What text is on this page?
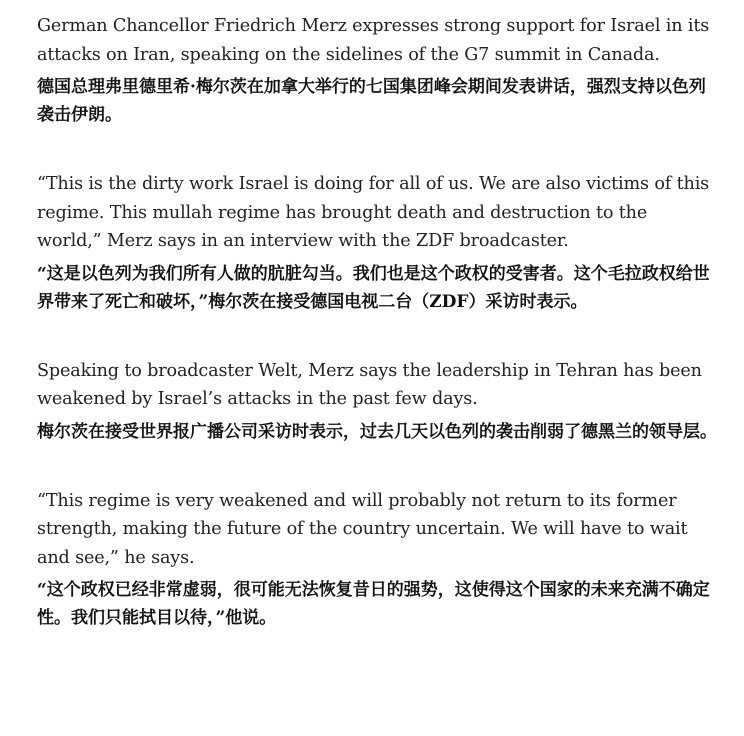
German Chancellor Friedrich Merz expresses strong support for Israel in its attacks on Iran, speaking on the sidelines of the G7 summit in Canada.

德国总理弗里德里希·梅尔茨在加拿大举行的七国集团峰会期间发表讲话，强烈支持以色列袭击伊朗。

“This is the dirty work Israel is doing for all of us. We are also victims of this regime. This mullah regime has brought death and destruction to the world,” Merz says in an interview with the ZDF broadcaster.

“这是以色列为我们所有人做的肮脏勾当。我们也是这个政权的受害者。这个毛拉政权给世界带来了死亡和破坏，”梅尔茨在接受德国电视二台（ZDF）采访时表示。

Speaking to broadcaster Welt, Merz says the leadership in Tehran has been weakened by Israel’s attacks in the past few days.

梅尔茨在接受世界报广播公司采访时表示，过去几天以色列的袭击削弱了德黑兰的领导层。

“This regime is very weakened and will probably not return to its former strength, making the future of the country uncertain. We will have to wait and see,” he says.

“这个政权已经非常虚弱，很可能无法恢复昔日的强势，这使得这个国家的未来充满不确定性。我们只能拭目以待，”他说。
